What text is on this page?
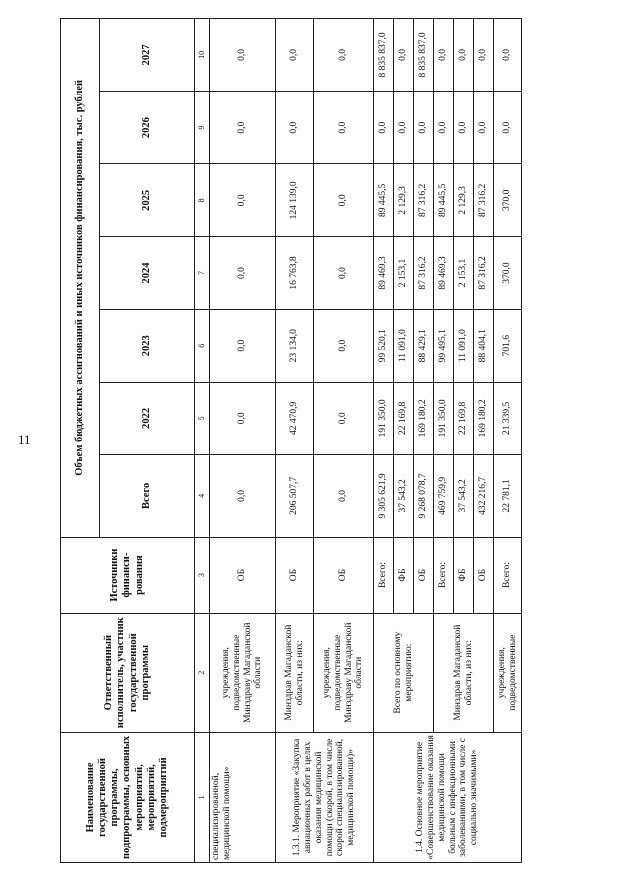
11
Наименование государственной программы, подпрограммы, основных мероприятий, мероприятий, подмероприятий	Ответственный исполнитель, участник государственной программы	Источники финанси-рования	Объем бюджетных ассигнований и иных источников финансирования, тыс. рублей						
			Всего	2022	2023	2024	2025	2026	2027
1	2	3	4	5	6	7	8	9	10
специализированной, медицинской помощи»	учреждения, подведомственные Минздраву Магаданской области	ОБ	0,0	0,0	0,0	0,0	0,0	0,0	0,0
1.3.1. Мероприятие «Закупка авиационных работ в целях оказания медицинской помощи (скорой, в том числе скорой специализированной, медицинской помощи)»	Минздрав Магаданской области, из них:	ОБ	206 507,7	42 470,9	23 134,0	16 763,8	124 139,0	0,0	0,0
	учреждения, подведомственные Минздраву Магаданской области	ОБ	0,0	0,0	0,0	0,0	0,0	0,0	0,0
1.4. Основное мероприятие «Совершенствование оказания медицинской помощи больным с инфекционными заболеваниями, в том числе с социально значимыми»	Всего по основному мероприятию:	Всего:	9 305 621,9	191 350,0	99 520,1	89 469,3	89 445,5	0,0	8 835 837,0
		ФБ	37 543,2	22 169,8	11 091,0	2 153,1	2 129,3	0,0	0,0
		ОБ	9 268 078,7	169 180,2	88 429,1	87 316,2	87 316,2	0,0	8 835 837,0
	Минздрав Магаданской области, из них:	Всего:	469 759,9	191 350,0	99 495,1	89 469,3	89 445,5	0,0	0,0
		ФБ	37 543,2	22 169,8	11 091,0	2 153,1	2 129,3	0,0	0,0
		ОБ	432 216,7	169 180,2	88 404,1	87 316,2	87 316,2	0,0	0,0
	учреждения, подведомственные	Всего:	22 781,1	21 339,5	701,6	370,0	370,0	0,0	0,0
